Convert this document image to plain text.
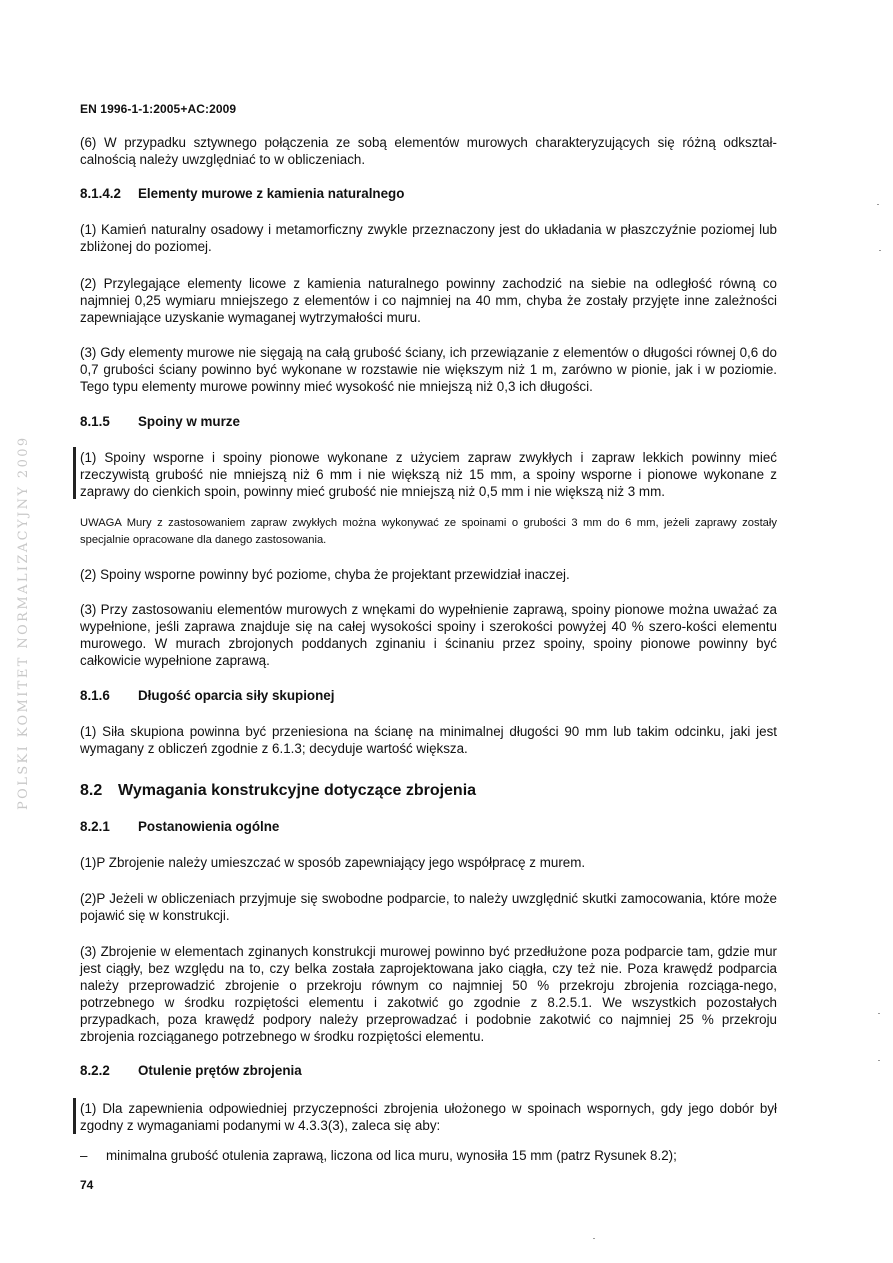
POLSKI KOMITET NORMALIZACYJNY 2009
EN 1996-1-1:2005+AC:2009
(6) W przypadku sztywnego połączenia ze sobą elementów murowych charakteryzujących się różną odkształ-calnością należy uwzględniać to w obliczeniach.
8.1.4.2 Elementy murowe z kamienia naturalnego
(1) Kamień naturalny osadowy i metamorficzny zwykle przeznaczony jest do układania w płaszczyźnie poziomej lub zbliżonej do poziomej.
(2) Przylegające elementy licowe z kamienia naturalnego powinny zachodzić na siebie na odległość równą co najmniej 0,25 wymiaru mniejszego z elementów i co najmniej na 40 mm, chyba że zostały przyjęte inne zależności zapewniające uzyskanie wymaganej wytrzymałości muru.
(3) Gdy elementy murowe nie sięgają na całą grubość ściany, ich przewiązanie z elementów o długości równej 0,6 do 0,7 grubości ściany powinno być wykonane w rozstawie nie większym niż 1 m, zarówno w pionie, jak i w poziomie. Tego typu elementy murowe powinny mieć wysokość nie mniejszą niż 0,3 ich długości.
8.1.5 Spoiny w murze
(1) Spoiny wsporne i spoiny pionowe wykonane z użyciem zapraw zwykłych i zapraw lekkich powinny mieć rzeczywistą grubość nie mniejszą niż 6 mm i nie większą niż 15 mm, a spoiny wsporne i pionowe wykonane z zaprawy do cienkich spoin, powinny mieć grubość nie mniejszą niż 0,5 mm i nie większą niż 3 mm.
UWAGA Mury z zastosowaniem zapraw zwykłych można wykonywać ze spoinami o grubości 3 mm do 6 mm, jeżeli zaprawy zostały specjalnie opracowane dla danego zastosowania.
(2) Spoiny wsporne powinny być poziome, chyba że projektant przewidział inaczej.
(3) Przy zastosowaniu elementów murowych z wnękami do wypełnienie zaprawą, spoiny pionowe można uważać za wypełnione, jeśli zaprawa znajduje się na całej wysokości spoiny i szerokości powyżej 40 % szero-kości elementu murowego. W murach zbrojonych poddanych zginaniu i ścinaniu przez spoiny, spoiny pionowe powinny być całkowicie wypełnione zaprawą.
8.1.6 Długość oparcia siły skupionej
(1) Siła skupiona powinna być przeniesiona na ścianę na minimalnej długości 90 mm lub takim odcinku, jaki jest wymagany z obliczeń zgodnie z 6.1.3; decyduje wartość większa.
8.2 Wymagania konstrukcyjne dotyczące zbrojenia
8.2.1 Postanowienia ogólne
(1)P Zbrojenie należy umieszczać w sposób zapewniający jego współpracę z murem.
(2)P Jeżeli w obliczeniach przyjmuje się swobodne podparcie, to należy uwzględnić skutki zamocowania, które może pojawić się w konstrukcji.
(3) Zbrojenie w elementach zginanych konstrukcji murowej powinno być przedłużone poza podparcie tam, gdzie mur jest ciągły, bez względu na to, czy belka została zaprojektowana jako ciągła, czy też nie. Poza krawędź podparcia należy przeprowadzić zbrojenie o przekroju równym co najmniej 50 % przekroju zbrojenia rozciąga-nego, potrzebnego w środku rozpiętości elementu i zakotwić go zgodnie z 8.2.5.1. We wszystkich pozostałych przypadkach, poza krawędź podpory należy przeprowadzać i podobnie zakotwić co najmniej 25 % przekroju zbrojenia rozciąganego potrzebnego w środku rozpiętości elementu.
8.2.2 Otulenie prętów zbrojenia
(1) Dla zapewnienia odpowiedniej przyczepności zbrojenia ułożonego w spoinach wspornych, gdy jego dobór był zgodny z wymaganiami podanymi w 4.3.3(3), zaleca się aby:
– minimalna grubość otulenia zaprawą, liczona od lica muru, wynosiła 15 mm (patrz Rysunek 8.2);
74
